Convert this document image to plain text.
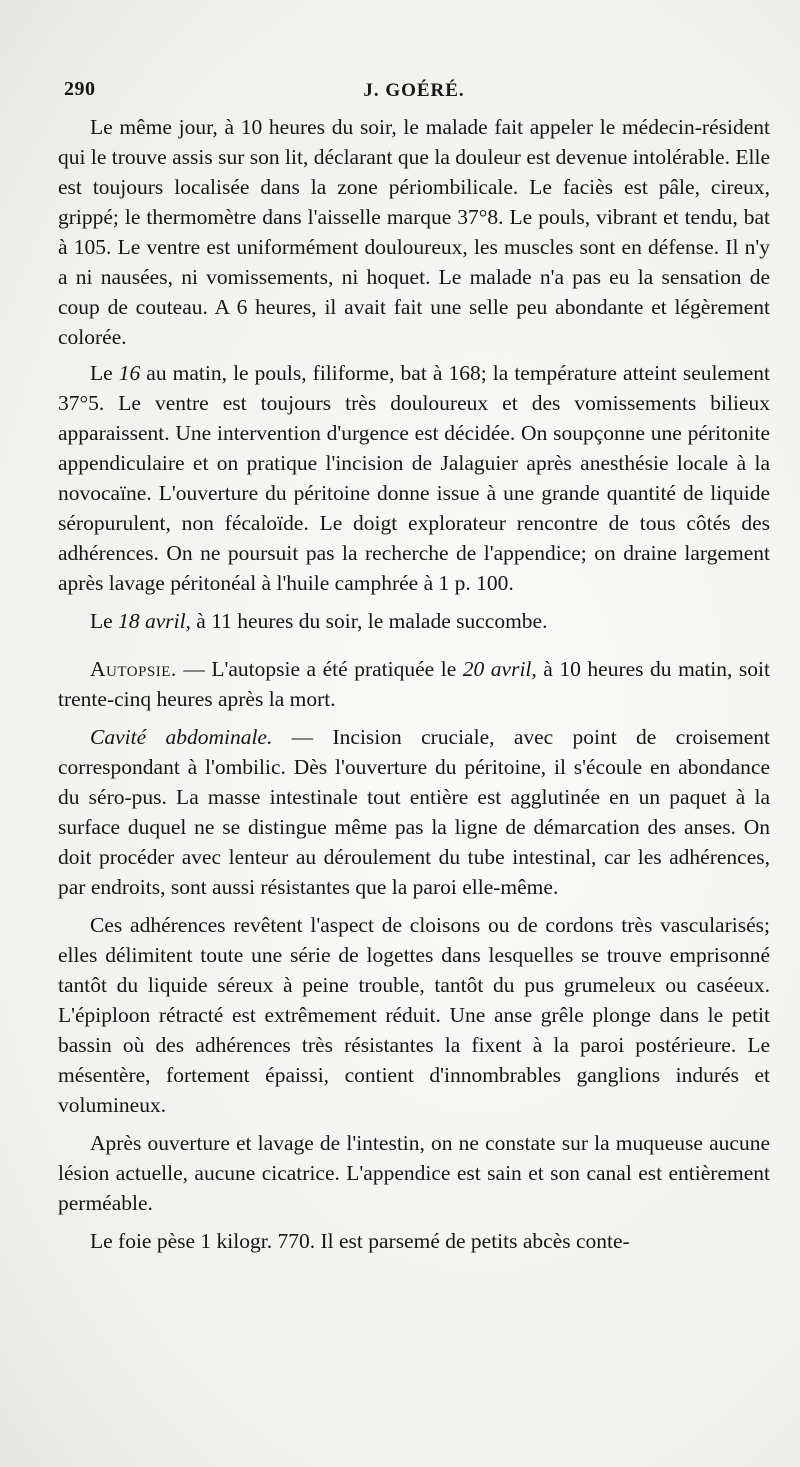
290	J. GOÉRÉ.

Le même jour, à 10 heures du soir, le malade fait appeler le médecin-résident qui le trouve assis sur son lit, déclarant que la douleur est devenue intolérable. Elle est toujours localisée dans la zone périombilicale. Le faciès est pâle, cireux, grippé; le thermomètre dans l'aisselle marque 37°8. Le pouls, vibrant et tendu, bat à 105. Le ventre est uniformément douloureux, les muscles sont en défense. Il n'y a ni nausées, ni vomissements, ni hoquet. Le malade n'a pas eu la sensation de coup de couteau. A 6 heures, il avait fait une selle peu abondante et légèrement colorée.

Le 16 au matin, le pouls, filiforme, bat à 168; la température atteint seulement 37°5. Le ventre est toujours très douloureux et des vomissements bilieux apparaissent. Une intervention d'urgence est décidée. On soupçonne une péritonite appendiculaire et on pratique l'incision de Jalaguier après anesthésie locale à la novocaïne. L'ouverture du péritoine donne issue à une grande quantité de liquide séropurulent, non fécaloïde. Le doigt explorateur rencontre de tous côtés des adhérences. On ne poursuit pas la recherche de l'appendice; on draine largement après lavage péritonéal à l'huile camphrée à 1 p. 100.

Le 18 avril, à 11 heures du soir, le malade succombe.

Autopsie. — L'autopsie a été pratiquée le 20 avril, à 10 heures du matin, soit trente-cinq heures après la mort.

Cavité abdominale. — Incision cruciale, avec point de croisement correspondant à l'ombilic. Dès l'ouverture du péritoine, il s'écoule en abondance du séro-pus. La masse intestinale tout entière est agglutinée en un paquet à la surface duquel ne se distingue même pas la ligne de démarcation des anses. On doit procéder avec lenteur au déroulement du tube intestinal, car les adhérences, par endroits, sont aussi résistantes que la paroi elle-même.

Ces adhérences revêtent l'aspect de cloisons ou de cordons très vascularisés; elles délimitent toute une série de logettes dans lesquelles se trouve emprisonné tantôt du liquide séreux à peine trouble, tantôt du pus grumeleux ou caséeux. L'épiploon rétracté est extrêmement réduit. Une anse grêle plonge dans le petit bassin où des adhérences très résistantes la fixent à la paroi postérieure. Le mésentère, fortement épaissi, contient d'innombrables ganglions indurés et volumineux.

Après ouverture et lavage de l'intestin, on ne constate sur la muqueuse aucune lésion actuelle, aucune cicatrice. L'appendice est sain et son canal est entièrement perméable.

Le foie pèse 1 kilogr. 770. Il est parsemé de petits abcès conte-
